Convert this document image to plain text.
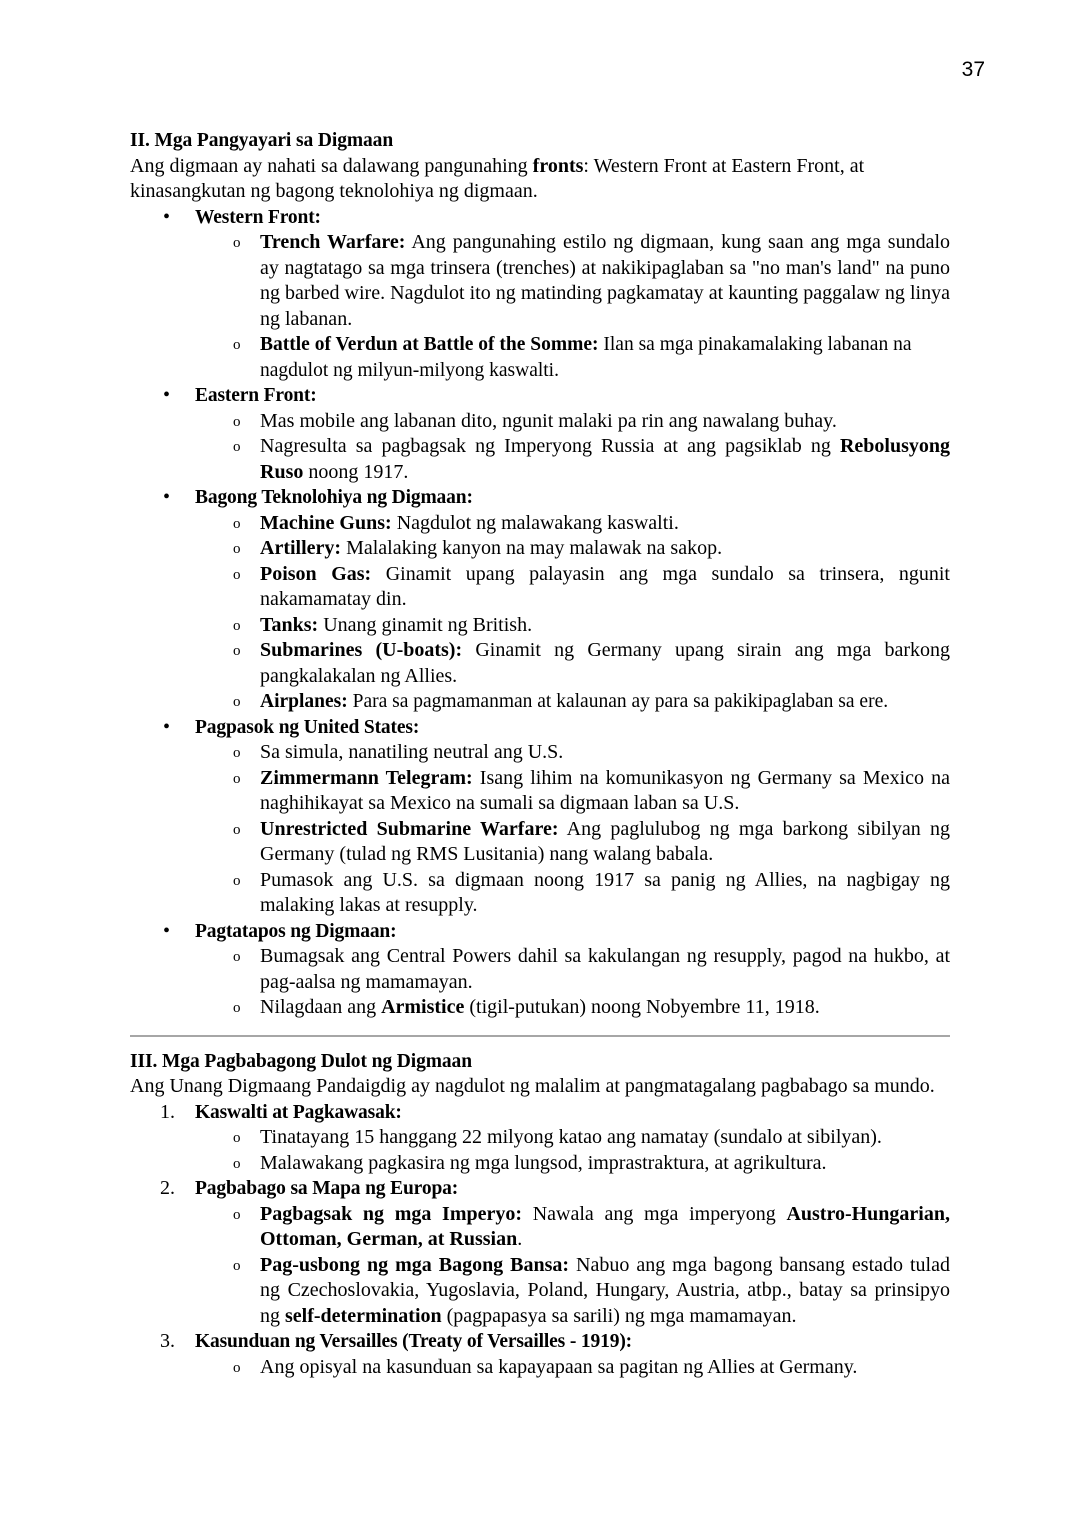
37
II. Mga Pangyayari sa Digmaan
Ang digmaan ay nahati sa dalawang pangunahing fronts: Western Front at Eastern Front, at kinasangkutan ng bagong teknolohiya ng digmaan.
• Western Front:
o Trench Warfare: Ang pangunahing estilo ng digmaan, kung saan ang mga sundalo ay nagtatago sa mga trinsera (trenches) at nakikipaglaban sa "no man's land" na puno ng barbed wire. Nagdulot ito ng matinding pagkamatay at kaunting paggalaw ng linya ng labanan.
o Battle of Verdun at Battle of the Somme: Ilan sa mga pinakamalaking labanan na nagdulot ng milyun-milyong kaswalti.
• Eastern Front:
o Mas mobile ang labanan dito, ngunit malaki pa rin ang nawalang buhay.
o Nagresulta sa pagbagsak ng Imperyong Russia at ang pagsiklab ng Rebolusyong Ruso noong 1917.
• Bagong Teknolohiya ng Digmaan:
o Machine Guns: Nagdulot ng malawakang kaswalti.
o Artillery: Malalaking kanyon na may malawak na sakop.
o Poison Gas: Ginamit upang palayasin ang mga sundalo sa trinsera, ngunit nakamamatay din.
o Tanks: Unang ginamit ng British.
o Submarines (U-boats): Ginamit ng Germany upang sirain ang mga barkong pangkalakalan ng Allies.
o Airplanes: Para sa pagmamanman at kalaunan ay para sa pakikipaglaban sa ere.
• Pagpasok ng United States:
o Sa simula, nanatiling neutral ang U.S.
o Zimmermann Telegram: Isang lihim na komunikasyon ng Germany sa Mexico na naghihikayat sa Mexico na sumali sa digmaan laban sa U.S.
o Unrestricted Submarine Warfare: Ang paglulubog ng mga barkong sibilyan ng Germany (tulad ng RMS Lusitania) nang walang babala.
o Pumasok ang U.S. sa digmaan noong 1917 sa panig ng Allies, na nagbigay ng malaking lakas at resupply.
• Pagtatapos ng Digmaan:
o Bumagsak ang Central Powers dahil sa kakulangan ng resupply, pagod na hukbo, at pag-aalsa ng mamamayan.
o Nilagdaan ang Armistice (tigil-putukan) noong Nobyembre 11, 1918.
III. Mga Pagbabagong Dulot ng Digmaan
Ang Unang Digmaang Pandaigdig ay nagdulot ng malalim at pangmatagalang pagbabago sa mundo.
1.	Kaswalti at Pagkawasak:
o Tinatayang 15 hanggang 22 milyong katao ang namatay (sundalo at sibilyan).
o Malawakang pagkasira ng mga lungsod, imprastraktura, at agrikultura.
2.	Pagbabago sa Mapa ng Europa:
o Pagbagsak ng mga Imperyo: Nawala ang mga imperyong Austro-Hungarian, Ottoman, German, at Russian.
o Pag-usbong ng mga Bagong Bansa: Nabuo ang mga bagong bansang estado tulad ng Czechoslovakia, Yugoslavia, Poland, Hungary, Austria, atbp., batay sa prinsipyo ng self-determination (pagpapasya sa sarili) ng mga mamamayan.
3.	Kasunduan ng Versailles (Treaty of Versailles - 1919):
o Ang opisyal na kasunduan sa kapayapaan sa pagitan ng Allies at Germany.
